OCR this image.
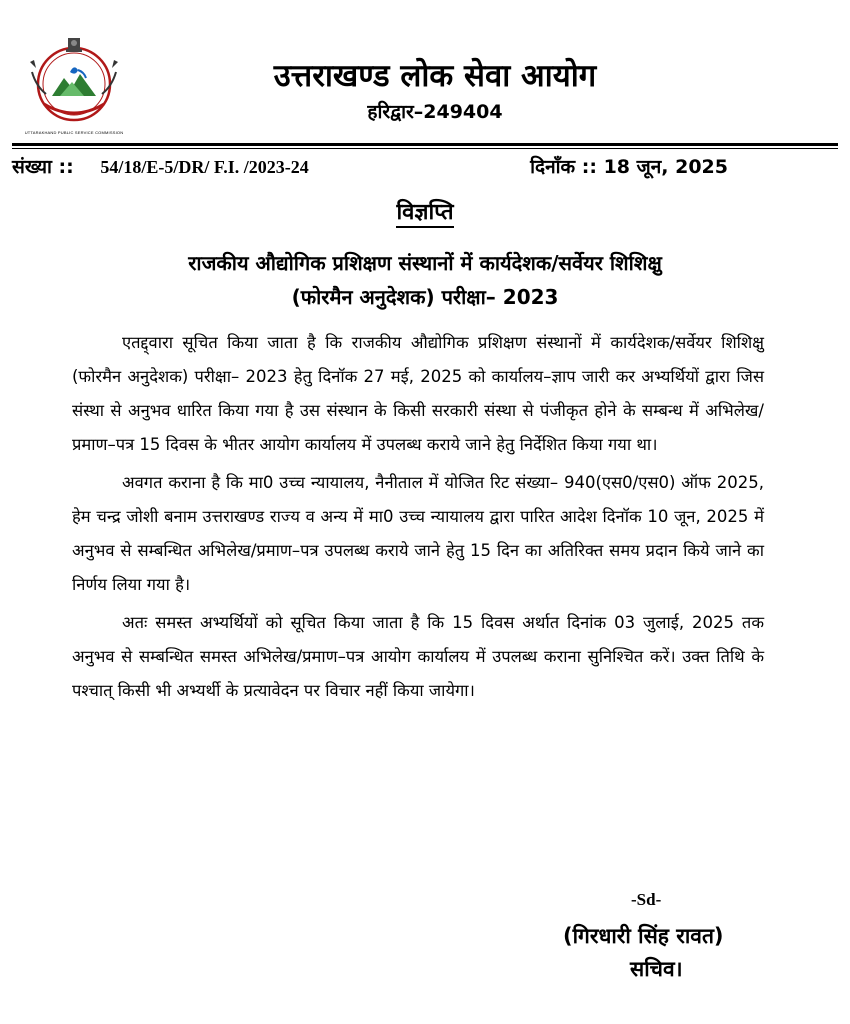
UTTARAKHAND PUBLIC SERVICE COMMISSION
उत्तराखण्ड लोक सेवा आयोग
हरिद्वार–249404
संख्या :: 54/18/E-5/DR/ F.I. /2023-24	दिनाँक :: 18 जून, 2025
विज्ञप्ति
राजकीय औद्योगिक प्रशिक्षण संस्थानों में कार्यदेशक/सर्वेयर शिशिक्षु
(फोरमैन अनुदेशक) परीक्षा– 2023

एतद्द्वारा सूचित किया जाता है कि राजकीय औद्योगिक प्रशिक्षण संस्थानों में कार्यदेशक/सर्वेयर शिशिक्षु (फोरमैन अनुदेशक) परीक्षा– 2023 हेतु दिनॉक 27 मई, 2025 को कार्यालय–ज्ञाप जारी कर अभ्यर्थियों द्वारा जिस संस्था से अनुभव धारित किया गया है उस संस्थान के किसी सरकारी संस्था से पंजीकृत होने के सम्बन्ध में अभिलेख/प्रमाण–पत्र 15 दिवस के भीतर आयोग कार्यालय में उपलब्ध कराये जाने हेतु निर्देशित किया गया था।

अवगत कराना है कि मा0 उच्च न्यायालय, नैनीताल में योजित रिट संख्या– 940(एस0/एस0) ऑफ 2025, हेम चन्द्र जोशी बनाम उत्तराखण्ड राज्य व अन्य में मा0 उच्च न्यायालय द्वारा पारित आदेश दिनॉक 10 जून, 2025 में अनुभव से सम्बन्धित अभिलेख/प्रमाण–पत्र उपलब्ध कराये जाने हेतु 15 दिन का अतिरिक्त समय प्रदान किये जाने का निर्णय लिया गया है।

अतः समस्त अभ्यर्थियों को सूचित किया जाता है कि 15 दिवस अर्थात दिनांक 03 जुलाई, 2025 तक अनुभव से सम्बन्धित समस्त अभिलेख/प्रमाण–पत्र आयोग कार्यालय में उपलब्ध कराना सुनिश्चित करें। उक्त तिथि के पश्चात् किसी भी अभ्यर्थी के प्रत्यावेदन पर विचार नहीं किया जायेगा।

-Sd-
(गिरधारी सिंह रावत)
सचिव।
